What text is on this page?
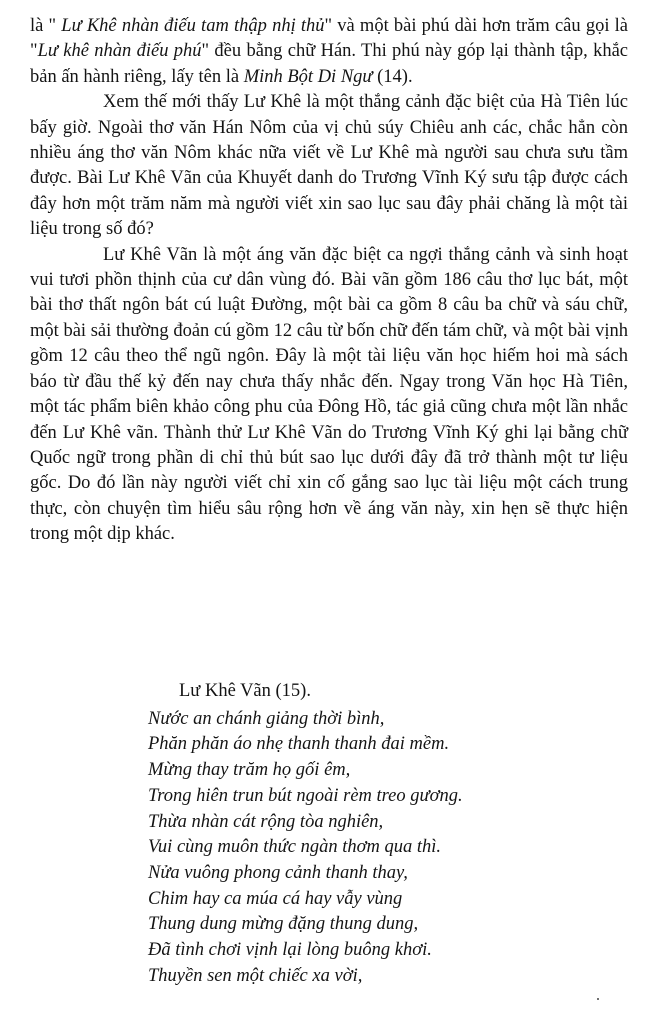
là " Lư Khê nhàn điếu tam thập nhị thủ" và một bài phú dài hơn trăm câu gọi là "Lư khê nhàn điếu phú" đều bằng chữ Hán. Thi phú này góp lại thành tập, khắc bản ấn hành riêng, lấy tên là Minh Bột Di Ngư (14).

Xem thế mới thấy Lư Khê là một thắng cảnh đặc biệt của Hà Tiên lúc bấy giờ. Ngoài thơ văn Hán Nôm của vị chủ súy Chiêu anh các, chắc hẳn còn nhiều áng thơ văn Nôm khác nữa viết về Lư Khê mà người sau chưa sưu tầm được. Bài Lư Khê Vãn của Khuyết danh do Trương Vĩnh Ký sưu tập được cách đây hơn một trăm năm mà người viết xin sao lục sau đây phải chăng là một tài liệu trong số đó?

Lư Khê Vãn là một áng văn đặc biệt ca ngợi thắng cảnh và sinh hoạt vui tươi phồn thịnh của cư dân vùng đó. Bài vãn gồm 186 câu thơ lục bát, một bài thơ thất ngôn bát cú luật Đường, một bài ca gồm 8 câu ba chữ và sáu chữ, một bài sải thường đoản cú gồm 12 câu từ bốn chữ đến tám chữ, và một bài vịnh gồm 12 câu theo thể ngũ ngôn. Đây là một tài liệu văn học hiếm hoi mà sách báo từ đầu thế kỷ đến nay chưa thấy nhắc đến. Ngay trong Văn học Hà Tiên, một tác phẩm biên khảo công phu của Đông Hồ, tác giả cũng chưa một lần nhắc đến Lư Khê vãn. Thành thử Lư Khê Vãn do Trương Vĩnh Ký ghi lại bằng chữ Quốc ngữ trong phần di chỉ thủ bút sao lục dưới đây đã trở thành một tư liệu gốc. Do đó lần này người viết chỉ xin cố gắng sao lục tài liệu một cách trung thực, còn chuyện tìm hiểu sâu rộng hơn về áng văn này, xin hẹn sẽ thực hiện trong một dịp khác.

Lư Khê Vãn (15).

Nước an chánh giảng thời bình,

Phăn phăn áo nhẹ thanh thanh đai mềm.

Mừng thay trăm họ gối êm,

Trong hiên trun bút ngoài rèm treo gương.

Thừa nhàn cát rộng tòa nghiên,

Vui cùng muôn thức ngàn thơm qua thì.

Nửa vuông phong cảnh thanh thay,

Chim hay ca múa cá hay vẫy vùng

Thung dung mừng đặng thung dung,

Đã tình chơi vịnh lại lòng buông khơi.

Thuyền sen một chiếc xa vời,
